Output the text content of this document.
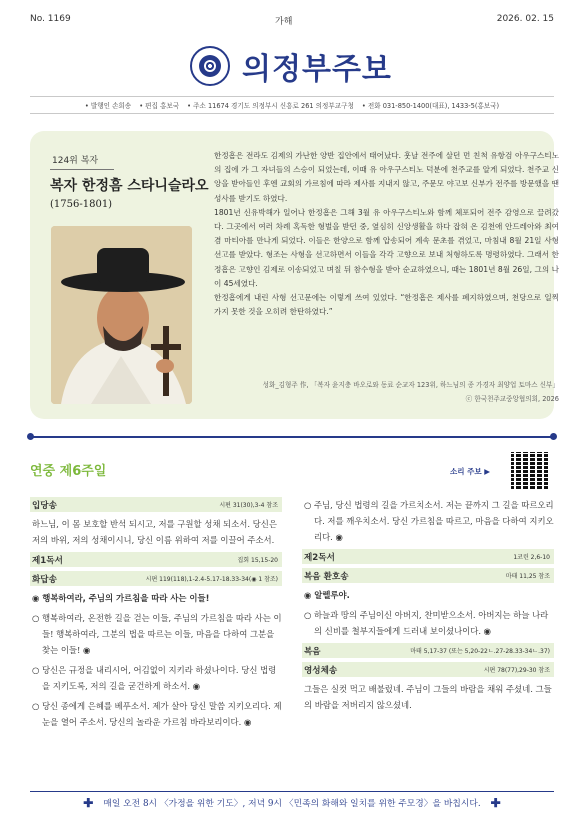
No. 1169	가해	2026. 02. 15
의정부주보
• 발행인 손희송 • 편집 홍보국 • 주소 11674 경기도 의정부시 신흥로 261 의정부교구청 • 전화 031-850-1400(대표), 1433-5(홍보국)
124위 복자
복자 한정흠 스타니슬라오
(1756-1801)

한정흠은 전라도 김제의 가난한 양반 집안에서 태어났다. 훗날 전주에 살던 먼 친척 유항검 아우구스티노의 집에 가 그 자녀들의 스승이 되었는데, 이때 유 아우구스티노 덕분에 천주교를 알게 되었다. 천주교 신앙을 받아들인 후엔 교회의 가르침에 따라 제사를 지내지 않고, 주문모 야고보 신부가 전주를 방문했을 땐 성사를 받기도 하였다.

1801년 신유박해가 일어나 한정흠은 그해 3월 유 아우구스티노와 함께 체포되어 전주 감영으로 끌려갔다. 그곳에서 여러 차례 혹독한 형벌을 받던 중, 옆심히 신앙생활을 하다 잡혀 온 김천애 안드레아와 최여겸 마티아를 만나게 되었다. 이들은 한양으로 함께 압송되어 계속 문초를 겪었고, 마침내 8월 21일 사형선고를 받았다. 형조는 사형을 선고하면서 이들을 각각 고향으로 보내 처형하도록 명령하였다. 그래서 한정흠은 고향인 김제로 이송되었고 며칠 뒤 참수형을 받아 순교하였으니, 때는 1801년 8월 26일, 그의 나이 45세였다.

한정흠에게 내린 사형 선고문에는 이렇게 쓰여 있었다. “한정흠은 제사를 폐지하였으며, 천당으로 일찍 가지 못한 것을 오히려 한탄하였다.”

성화_김형주 作, 「복자 윤지충 바오로와 동료 순교자 123위, 하느님의 종 가경자 최양업 토마스 신부」
ⓒ 한국천주교중앙협의회, 2026
연중 제6주일	소리 주보 ▶
입당송	시편 31(30),3-4 참조
하느님, 이 몸 보호할 반석 되시고, 저를 구원할 성채 되소서. 당신은 저의 바위, 저의 성채이시니, 당신 이름 위하여 저를 이끌어 주소서.
제1독서	집회 15,15-20
화답송	시편 119(118),1-2.4-5.17-18.33-34(◉ 1 참조)
◉ 행복하여라, 주님의 가르침을 따라 사는 이들!
○ 행복하여라, 온전한 길을 걷는 이들, 주님의 가르침을 따라 사는 이들! 행복하여라, 그분의 법을 따르는 이들, 마음을 다하여 그분을 찾는 이들! ◉
○ 당신은 규정을 내리시어, 어김없이 지키라 하셨나이다. 당신 법령을 지키도록, 저의 길을 굳건하게 하소서. ◉
○ 당신 종에게 은혜를 베푸소서. 제가 살아 당신 말씀 지키오리다. 제 눈을 열어 주소서. 당신의 놀라운 가르침 바라보리이다. ◉
○ 주님, 당신 법령의 길을 가르치소서. 저는 끝까지 그 길을 따르오리다. 저를 깨우치소서. 당신 가르침을 따르고, 마음을 다하여 지키오리다. ◉
제2독서	1코린 2,6-10
복음 환호송	마태 11,25 참조
◉ 알렐루야.
○ 하늘과 땅의 주님이신 아버지, 찬미받으소서. 아버지는 하늘 나라의 신비를 철부지들에게 드러내 보이셨나이다. ◉
복음	마태 5,17-37 (또는 5,20-22ㄴ.27-28.33-34ㄴ.37)
영성체송	시편 78(77),29-30 참조
그들은 실컷 먹고 배불렀네. 주님이 그들의 바람을 채워 주셨네. 그들의 바람을 저버리지 않으셨네.
✚ 매일 오전 8시 〈가정을 위한 기도〉, 저녁 9시 〈민족의 화해와 일치를 위한 주모경〉을 바칩시다. ✚
